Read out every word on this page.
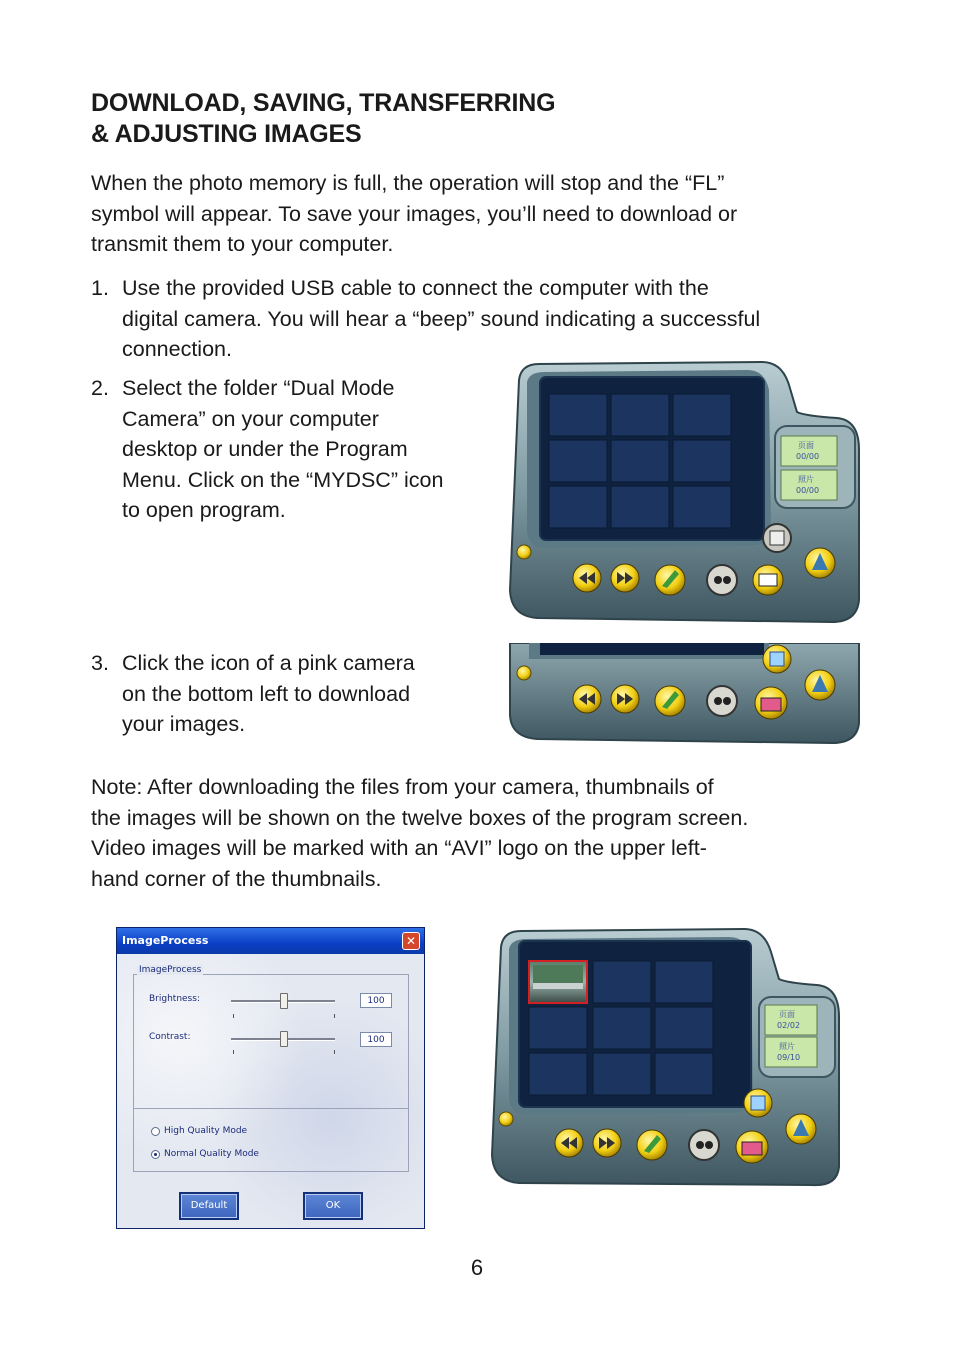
DOWNLOAD, SAVING, TRANSFERRING
& ADJUSTING IMAGES
When the photo memory is full, the operation will stop and the “FL”
symbol will appear. To save your images, you’ll need to download or
transmit them to your computer.
1. Use the provided USB cable to connect the computer with the
digital camera. You will hear a “beep” sound indicating a successful
connection.
2. Select the folder “Dual Mode
Camera” on your computer
desktop or under the Program
Menu. Click on the “MYDSC” icon
to open program.
3. Click the icon of a pink camera
on the bottom left to download
your images.
Note: After downloading the files from your camera, thumbnails of
the images will be shown on the twelve boxes of the program screen.
Video images will be marked with an “AVI” logo on the upper left-
hand corner of the thumbnails.
页面
00/00
照片
00/00
ImageProcess	✕
ImageProcess
Brightness:	100
Contrast:	100
High Quality Mode
Normal Quality Mode
Default	OK
页面
02/02
照片
09/10
6
